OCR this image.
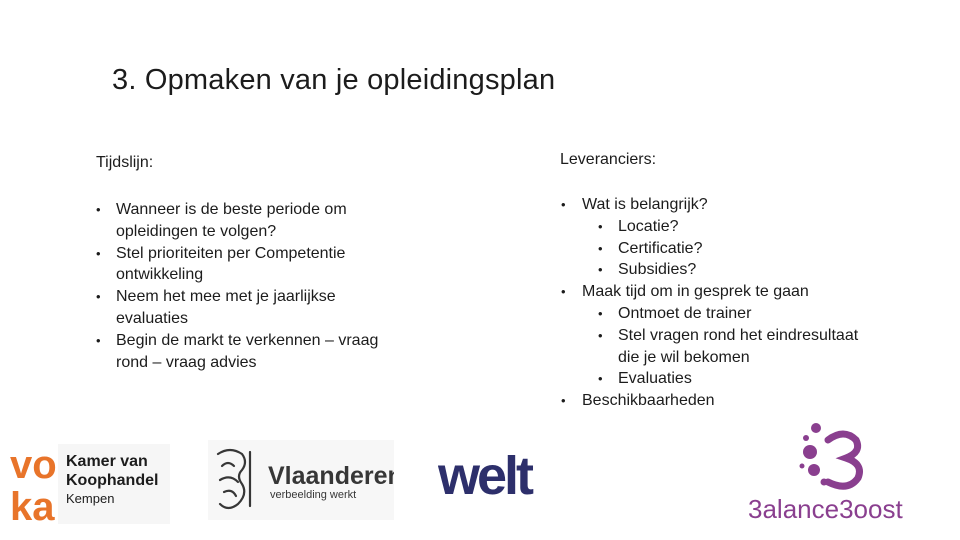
3. Opmaken van je opleidingsplan
Tijdslijn:	Leveranciers:
• Wanneer is de beste periode om opleidingen te volgen?
• Stel prioriteiten per Competentie ontwikkeling
• Neem het mee met je jaarlijkse evaluaties
• Begin de markt te verkennen – vraag rond – vraag advies
• Wat is belangrijk?
• Locatie?
• Certificatie?
• Subsidies?
• Maak tijd om in gesprek te gaan
• Ontmoet de trainer
• Stel vragen rond het eindresultaat die je wil bekomen
• Evaluaties
• Beschikbaarheden
vo
ka
Kamer van
Koophandel
Kempen
Vlaanderen
verbeelding werkt welt
3alance3oost
